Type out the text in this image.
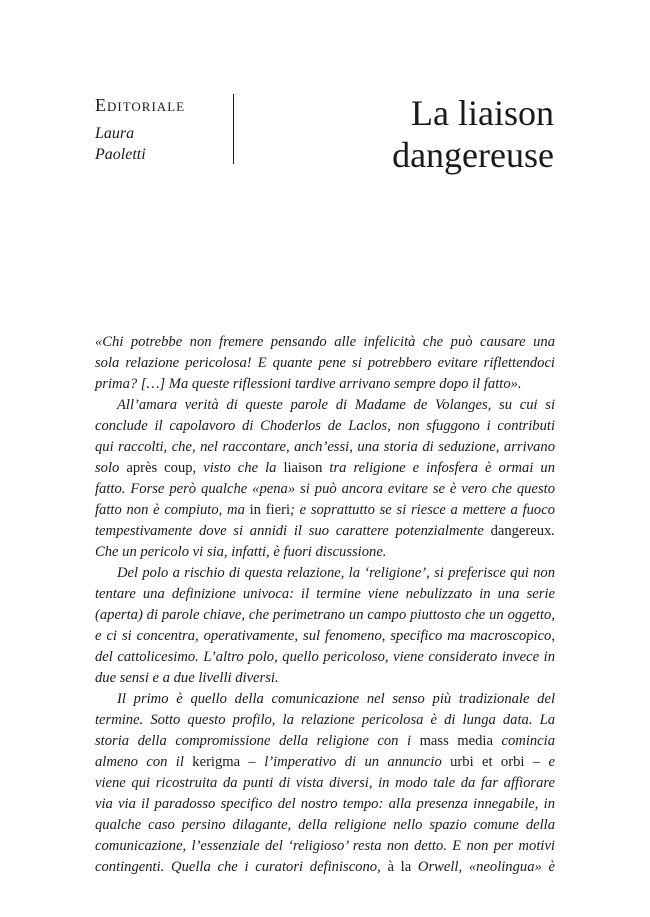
Editoriale
Laura
Paoletti
La liaison
dangereuse
«Chi potrebbe non fremere pensando alle infelicità che può causare una
sola relazione pericolosa! E quante pene si potrebbero evitare riflettendoci
prima? […] Ma queste riflessioni tardive arrivano sempre dopo il fatto».
All’amara verità di queste parole di Madame de Volanges, su cui si
conclude il capolavoro di Choderlos de Laclos, non sfuggono i contributi
qui raccolti, che, nel raccontare, anch’essi, una storia di seduzione, arrivano
solo après coup, visto che la liaison tra religione e infosfera è ormai un
fatto. Forse però qualche «pena» si può ancora evitare se è vero che questo
fatto non è compiuto, ma in fieri; e soprattutto se si riesce a mettere a fuoco
tempestivamente dove si annidi il suo carattere potenzialmente dangereux.
Che un pericolo vi sia, infatti, è fuori discussione.
Del polo a rischio di questa relazione, la ‘religione’, si preferisce qui non
tentare una definizione univoca: il termine viene nebulizzato in una serie
(aperta) di parole chiave, che perimetrano un campo piuttosto che un oggetto,
e ci si concentra, operativamente, sul fenomeno, specifico ma macroscopico,
del cattolicesimo. L’altro polo, quello pericoloso, viene considerato invece in
due sensi e a due livelli diversi.
Il primo è quello della comunicazione nel senso più tradizionale del
termine. Sotto questo profilo, la relazione pericolosa è di lunga data. La
storia della compromissione della religione con i mass media comincia
almeno con il kerigma – l’imperativo di un annuncio urbi et orbi – e
viene qui ricostruita da punti di vista diversi, in modo tale da far affiorare
via via il paradosso specifico del nostro tempo: alla presenza innegabile, in
qualche caso persino dilagante, della religione nello spazio comune della
comunicazione, l’essenziale del ‘religioso’ resta non detto. E non per motivi
contingenti. Quella che i curatori definiscono, à la Orwell, «neolingua» è
